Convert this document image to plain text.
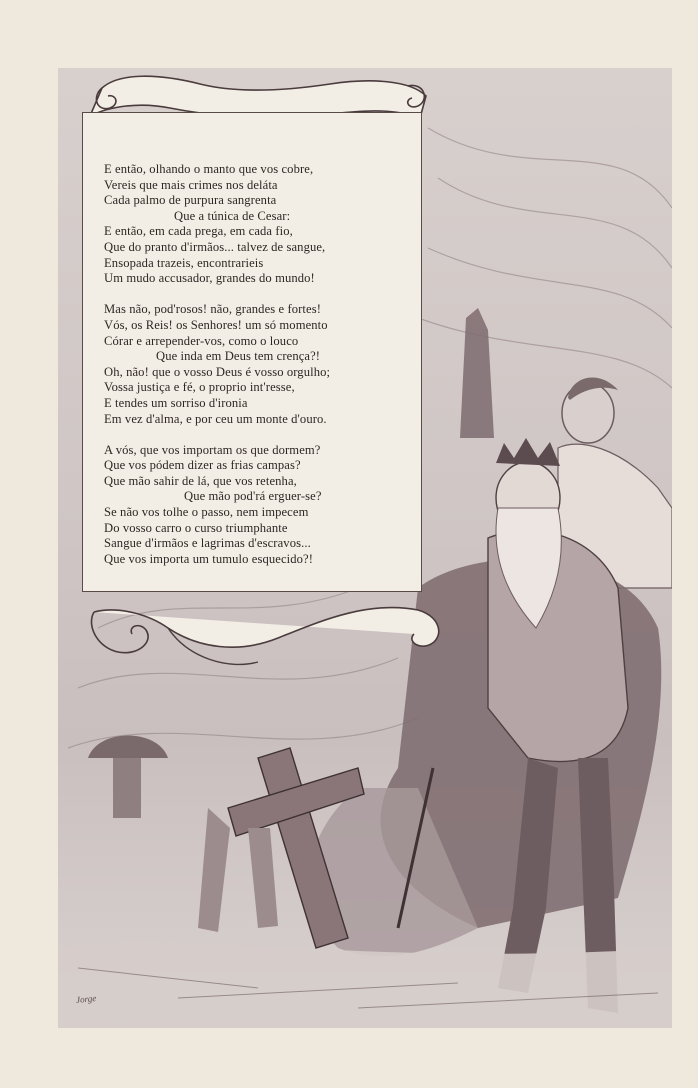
E então, olhando o manto que vos cobre,
Vereis que mais crimes nos deláta
Cada palmo de purpura sangrenta
Que a túnica de Cesar:
E então, em cada prega, em cada fio,
Que do pranto d'irmãos... talvez de sangue,
Ensopada trazeis, encontrarieis
Um mudo accusador, grandes do mundo!
Mas não, pod'rosos! não, grandes e fortes!
Vós, os Reis! os Senhores! um só momento
Córar e arrepender-vos, como o louco
Que inda em Deus tem crença?!
Oh, não! que o vosso Deus é vosso orgulho;
Vossa justiça e fé, o proprio int'resse,
E tendes um sorriso d'ironia
Em vez d'alma, e por ceu um monte d'ouro.
A vós, que vos importam os que dormem?
Que vos pódem dizer as frias campas?
Que mão sahir de lá, que vos retenha,
Que mão pod'rá erguer-se?
Se não vos tolhe o passo, nem impecem
Do vosso carro o curso triumphante
Sangue d'irmãos e lagrimas d'escravos...
Que vos importa um tumulo esquecido?!
Jorge
